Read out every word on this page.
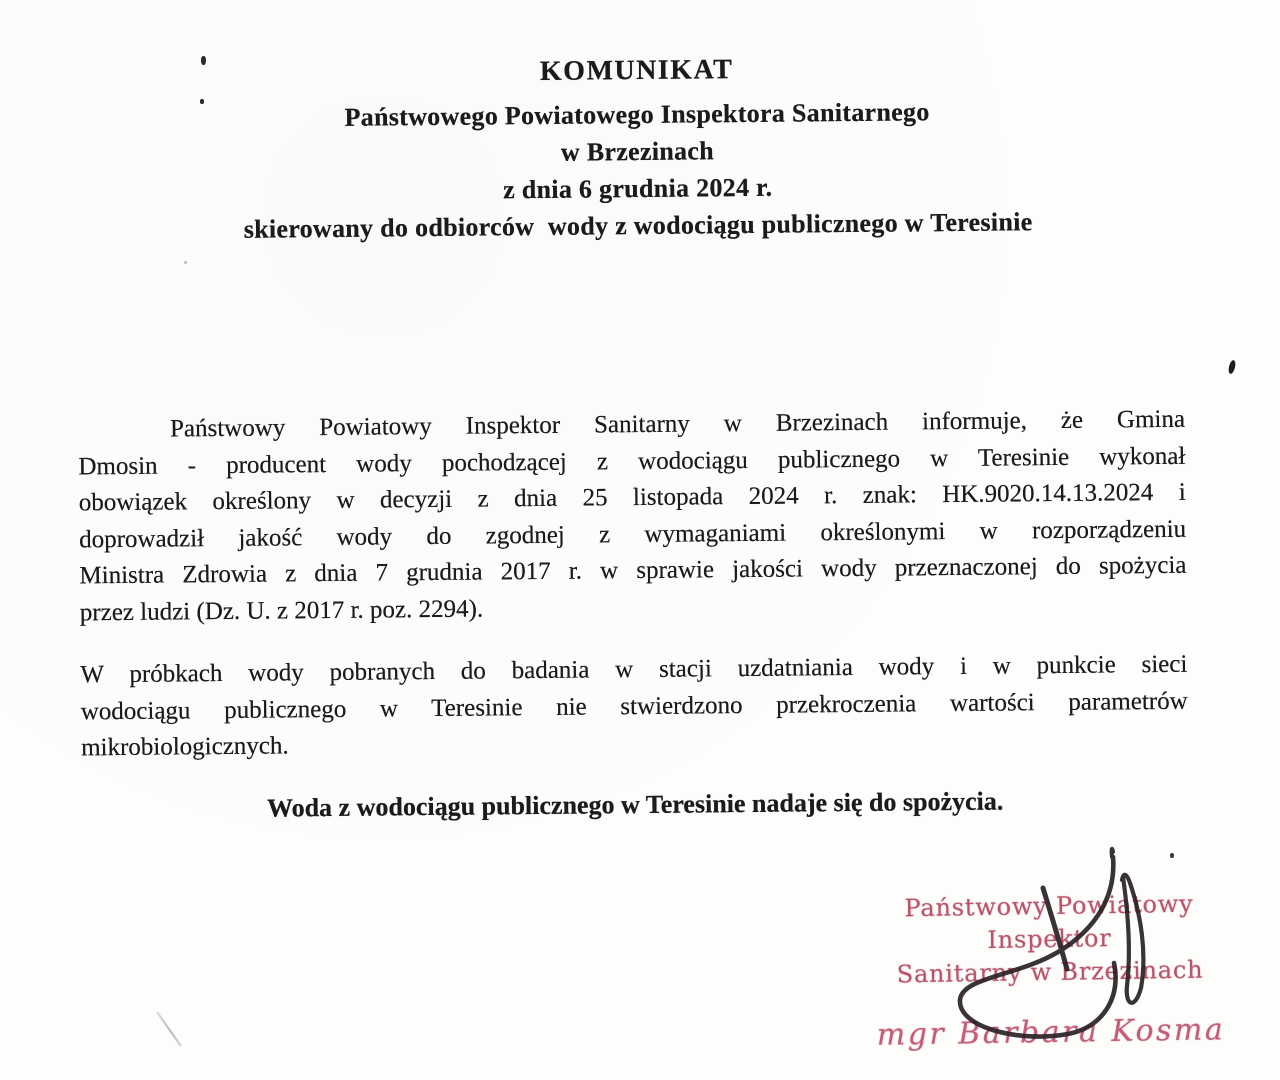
KOMUNIKAT
Państwowego Powiatowego Inspektora Sanitarnego
w Brzezinach
z dnia 6 grudnia 2024 r.
skierowany do odbiorców  wody z wodociągu publicznego w Teresinie
Państwowy Powiatowy Inspektor Sanitarny w Brzezinach informuje, że Gmina
Dmosin - producent wody pochodzącej z wodociągu publicznego w Teresinie wykonał
obowiązek określony w decyzji z dnia 25 listopada 2024 r. znak: HK.9020.14.13.2024 i
doprowadził jakość wody do zgodnej z wymaganiami określonymi w rozporządzeniu
Ministra Zdrowia z dnia 7 grudnia 2017 r. w sprawie jakości wody przeznaczonej do spożycia
przez ludzi (Dz. U. z 2017 r. poz. 2294).
W próbkach wody pobranych do badania w stacji uzdatniania wody i w punkcie sieci
wodociągu publicznego w Teresinie nie stwierdzono przekroczenia wartości parametrów
mikrobiologicznych.
Woda z wodociągu publicznego w Teresinie nadaje się do spożycia.
Państwowy Powiatowy Inspektor
Sanitarny w Brzezinach
mgr Barbara Kosma
